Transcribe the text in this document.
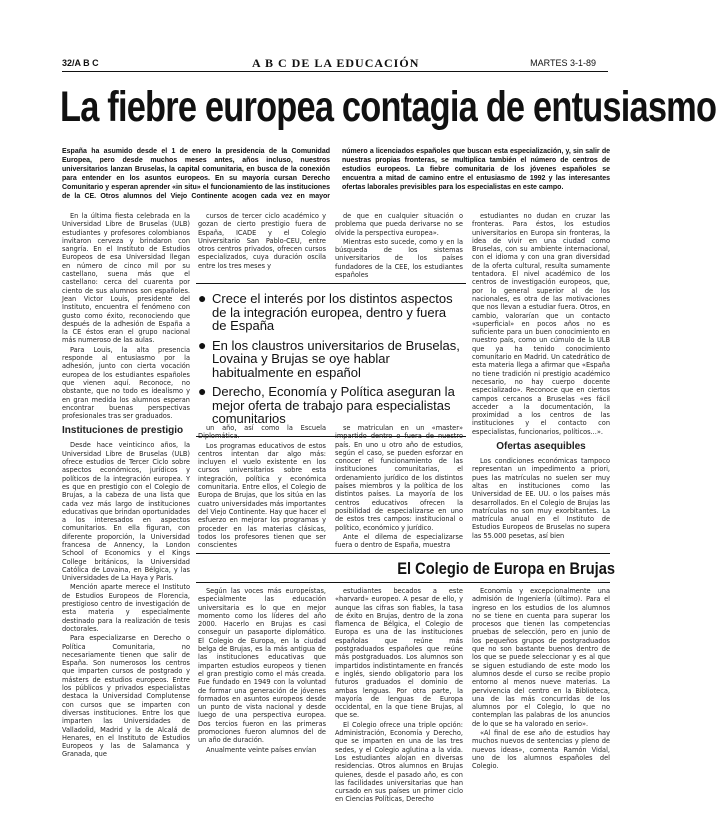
32/A B C	A B C DE LA EDUCACIÓN	MARTES 3-1-89
La fiebre europea contagia de entusiasmo
España ha asumido desde el 1 de enero la presidencia de la Comunidad Europea, pero desde muchos meses antes, años incluso, nuestros universitarios lanzan Bruselas, la capital comunitaria, en busca de la conexión para entender en los asuntos europeos. En su mayoría cursan Derecho Comunitario y esperan aprender «in situ» el funcionamiento de las instituciones de la CE. Otros alumnos del Viejo Continente acogen cada vez en mayor número a licenciados españoles que buscan esta especialización, y, sin salir de nuestras propias fronteras, se multiplica también el número de centros de estudios europeos. La fiebre comunitaria de los jóvenes españoles se encuentra a mitad de camino entre el entusiasmo de 1992 y las interesantes ofertas laborales previsibles para los especialistas en este campo.

En la última fiesta celebrada en la Universidad Libre de Bruselas (ULB) estudiantes y profesores colombianos invitaron cerveza y brindaron con sangría. En el Instituto de Estudios Europeos de esa Universidad llegan en número de cinco mil por su castellano, suena más que el castellano: cerca del cuarenta por ciento de sus alumnos son españoles. Jean Victor Louis, presidente del Instituto, encuentra el fenómeno con gusto como éxito, reconociendo que después de la adhesión de España a la CE éstos eran el grupo nacional más numeroso de las aulas.

Para Louis, la alta presencia responde al entusiasmo por la adhesión, junto con cierta vocación europea de los estudiantes españoles que vienen aquí. Reconoce, no obstante, que no todo es idealismo y en gran medida los alumnos esperan encontrar buenas perspectivas profesionales tras ser graduados.

Instituciones de prestigio

Desde hace veinticinco años, la Universidad Libre de Bruselas (ULB) ofrece estudios de Tercer Ciclo sobre aspectos económicos, jurídicos y políticos de la integración europea. Y es que en prestigio con el Colegio de Brujas, a la cabeza de una lista que cada vez más largo de instituciones educativas que brindan oportunidades a los interesados en aspectos comunitarios. En ella figuran, con diferente proporción, la Universidad francesa de Annency, la London School of Economics y el Kings College británicos, la Universidad Católica de Lovaina, en Bélgica, y las Universidades de La Haya y París.

Mención aparte merece el Instituto de Estudios Europeos de Florencia, prestigioso centro de investigación de esta materia y especialmente destinado para la realización de tesis doctorales.

Para especializarse en Derecho o Política Comunitaria, no necesariamente tienen que salir de España. Son numerosos los centros que imparten cursos de postgrado y másters de estudios europeos. Entre los públicos y privados especialistas destaca la Universidad Complutense con cursos que se imparten con diversas instituciones. Entre los que imparten las Universidades de Valladolid, Madrid y la de Alcalá de Henares, en el Instituto de Estudios Europeos y las de Salamanca y Granada, que

cursos de tercer ciclo académico y gozan de cierto prestigio fuera de España, ICADE y el Colegio Universitario San Pablo-CEU, entre otros centros privados, ofrecen cursos especializados, cuya duración oscila entre los tres meses y

de que en cualquier situación o problema que pueda derivarse no se olvide la perspectiva europea».

Mientras esto sucede, como y en la búsqueda de los sistemas universitarios de los países fundadores de la CEE, los estudiantes españoles

● Crece el interés por los distintos aspectos de la integración europea, dentro y fuera de España
● En los claustros universitarios de Bruselas, Lovaina y Brujas se oye hablar habitualmente en español
● Derecho, Economía y Política aseguran la mejor oferta de trabajo para especialistas comunitarios

un año, así como la Escuela Diplomática.

Los programas educativos de estos centros intentan dar algo más: incluyen el vuelo existente en los cursos universitarios sobre esta integración, política y económica comunitaria. Entre ellos, el Colegio de Europa de Brujas, que los sitúa en las cuatro universidades más importantes del Viejo Continente. Hay que hacer el esfuerzo en mejorar los programas y proceder en las materias clásicas, todos los profesores tienen que ser conscientes

se matriculan en un «master» impartido dentro o fuera de nuestro país. En uno u otro año de estudios, según el caso, se pueden esforzar en conocer el funcionamiento de las instituciones comunitarias, el ordenamiento jurídico de los distintos países miembros y la política de los distintos países. La mayoría de los centros educativos ofrecen la posibilidad de especializarse en uno de estos tres campos: institucional o político, económico y jurídico.

Ante el dilema de especializarse fuera o dentro de España, muestra

estudiantes no dudan en cruzar las fronteras. Para éstos, los estudios universitarios en Europa sin fronteras, la idea de vivir en una ciudad como Bruselas, con su ambiente internacional, con el idioma y con una gran diversidad de la oferta cultural, resulta sumamente tentadora. El nivel académico de los centros de investigación europeos, que, por lo general superior al de los nacionales, es otra de las motivaciones que nos llevan a estudiar fuera. Otros, en cambio, valorarían que un contacto «superficial» en pocos años no es suficiente para un buen conocimiento en nuestro país, como un cúmulo de la ULB que ya ha tenido conocimiento comunitario en Madrid. Un catedrático de esta materia llega a afirmar que «España no tiene tradición ni prestigio académico necesario, no hay cuerpo docente especializado». Reconoce que en ciertos campos cercanos a Bruselas «es fácil acceder a la documentación, la proximidad a los centros de las instituciones y el contacto con especialistas, funcionarios, políticos...».

Ofertas asequibles

Los condiciones económicas tampoco representan un impedimento a priori, pues las matrículas no suelen ser muy altas en instituciones como las Universidad de EE. UU. o los países más desarrollados. En el Colegio de Brujas las matrículas no son muy exorbitantes. La matrícula anual en el Instituto de Estudios Europeos de Bruselas no supera las 55.000 pesetas, así bien

El Colegio de Europa en Brujas

Según las voces más europeístas, especialmente las educación universitaria es lo que en mejor momento como los líderes del año 2000. Hacerlo en Brujas es casi conseguir un pasaporte diplomático. El Colegio de Europa, en la ciudad belga de Brujas, es la más antigua de las instituciones educativas que imparten estudios europeos y tienen el gran prestigio como el más creada. Fue fundado en 1949 con la voluntad de formar una generación de jóvenes formados en asuntos europeos desde un punto de vista nacional y desde luego de una perspectiva europea. Dos tercios fueron en las primeras promociones fueron alumnos del de un año de duración.

Anualmente veinte países envían

estudiantes becados a este «harvard» europeo. A pesar de ello, y aunque las cifras son fiables, la tasa de éxito en Brujas, dentro de la zona flamenca de Bélgica, el Colegio de Europa es una de las instituciones españolas que reúne más postgraduados españoles que reúne más postgraduados. Los alumnos son impartidos indistintamente en francés e inglés, siendo obligatorio para los futuros graduados el dominio de ambas lenguas. Por otra parte, la mayoría de lenguas de Europa occidental, en la que tiene Brujas, al que se.

El Colegio ofrece una triple opción: Administración, Economía y Derecho, que se imparten en una de las tres sedes, y el Colegio aglutina a la vida. Los estudiantes alojan en diversas residencias. Otros alumnos en Brujas quienes, desde el pasado año, es con las facilidades universitarias que han cursado en sus países un primer ciclo en Ciencias Políticas, Derecho

Economía y excepcionalmente una admisión de Ingeniería (último). Para el ingreso en los estudios de los alumnos no se tiene en cuenta para superar los procesos que tienen las competencias pruebas de selección, pero en junio de los pequeños grupos de postgraduados que no son bastante buenos dentro de los que se puede seleccionar y es al que se siguen estudiando de este modo los alumnos desde el curso se recibe propio entorno al menos nueve materias. La pervivencia del centro en la Biblioteca, una de las más concurridas de los alumnos por el Colegio, lo que no contemplan las palabras de los anuncios de lo que se ha valorado en serio».

«Al final de ese año de estudios hay muchos nuevos de sentencias y pleno de nuevos ideas», comenta Ramón Vidal, uno de los alumnos españoles del Colegio.
